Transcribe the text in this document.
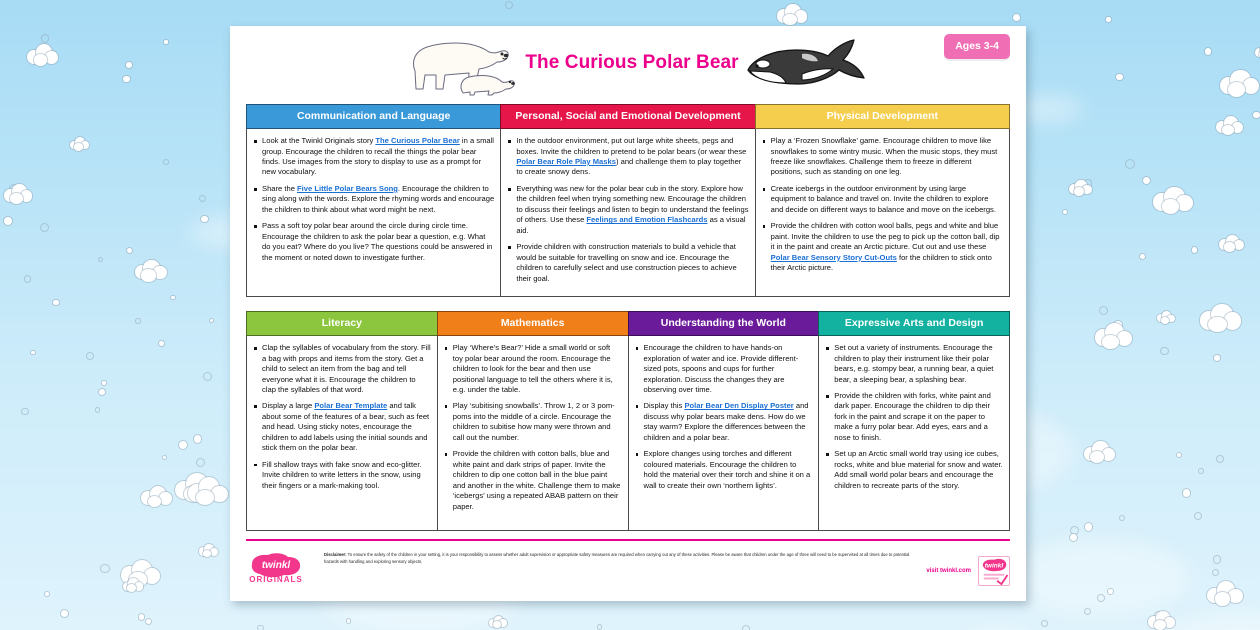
The Curious Polar Bear
Ages 3-4
Communication and Language
Look at the Twinkl Originals story The Curious Polar Bear in a small group. Encourage the children to recall the things the polar bear finds. Use images from the story to display to use as a prompt for new vocabulary.
Share the Five Little Polar Bears Song. Encourage the children to sing along with the words. Explore the rhyming words and encourage the children to think about what word might be next.
Pass a soft toy polar bear around the circle during circle time. Encourage the children to ask the polar bear a question, e.g. What do you eat? Where do you live? The questions could be answered in the moment or noted down to investigate further.
Personal, Social and Emotional Development
In the outdoor environment, put out large white sheets, pegs and boxes. Invite the children to pretend to be polar bears (or wear these Polar Bear Role Play Masks) and challenge them to play together to create snowy dens.
Everything was new for the polar bear cub in the story. Explore how the children feel when trying something new. Encourage the children to discuss their feelings and listen to begin to understand the feelings of others. Use these Feelings and Emotion Flashcards as a visual aid.
Provide children with construction materials to build a vehicle that would be suitable for travelling on snow and ice. Encourage the children to carefully select and use construction pieces to achieve their goal.
Physical Development
Play a ‘Frozen Snowflake’ game. Encourage children to move like snowflakes to some wintry music. When the music stops, they must freeze like snowflakes. Challenge them to freeze in different positions, such as standing on one leg.
Create icebergs in the outdoor environment by using large equipment to balance and travel on. Invite the children to explore and decide on different ways to balance and move on the icebergs.
Provide the children with cotton wool balls, pegs and white and blue paint. Invite the children to use the peg to pick up the cotton ball, dip it in the paint and create an Arctic picture. Cut out and use these Polar Bear Sensory Story Cut-Outs for the children to stick onto their Arctic picture.
Literacy
Clap the syllables of vocabulary from the story. Fill a bag with props and items from the story. Get a child to select an item from the bag and tell everyone what it is. Encourage the children to clap the syllables of that word.
Display a large Polar Bear Template and talk about some of the features of a bear, such as feet and head. Using sticky notes, encourage the children to add labels using the initial sounds and stick them on the polar bear.
Fill shallow trays with fake snow and eco-glitter. Invite children to write letters in the snow, using their fingers or a mark-making tool.
Mathematics
Play ‘Where’s Bear?’ Hide a small world or soft toy polar bear around the room. Encourage the children to look for the bear and then use positional language to tell the others where it is, e.g. under the table.
Play ‘subitising snowballs’. Throw 1, 2 or 3 pom-poms into the middle of a circle. Encourage the children to subitise how many were thrown and call out the number.
Provide the children with cotton balls, blue and white paint and dark strips of paper. Invite the children to dip one cotton ball in the blue paint and another in the white. Challenge them to make ‘icebergs’ using a repeated ABAB pattern on their paper.
Understanding the World
Encourage the children to have hands-on exploration of water and ice. Provide different-sized pots, spoons and cups for further exploration. Discuss the changes they are observing over time.
Display this Polar Bear Den Display Poster and discuss why polar bears make dens. How do we stay warm? Explore the differences between the children and a polar bear.
Explore changes using torches and different coloured materials. Encourage the children to hold the material over their torch and shine it on a wall to create their own ‘northern lights’.
Expressive Arts and Design
Set out a variety of instruments. Encourage the children to play their instrument like their polar bears, e.g. stompy bear, a running bear, a quiet bear, a sleeping bear, a splashing bear.
Provide the children with forks, white paint and dark paper. Encourage the children to dip their fork in the paint and scrape it on the paper to make a furry polar bear. Add eyes, ears and a nose to finish.
Set up an Arctic small world tray using ice cubes, rocks, white and blue material for snow and water. Add small world polar bears and encourage the children to recreate parts of the story.
twinkl
ORIGINALS
Disclaimer: To ensure the safety of the children in your setting, it is your responsibility to assess whether adult supervision or appropriate safety measures are required when carrying out any of these activities. Please be aware that children under the age of three will need to be supervised at all times due to potential hazards with handling and exploring sensory objects.
visit twinkl.com
twinkl
